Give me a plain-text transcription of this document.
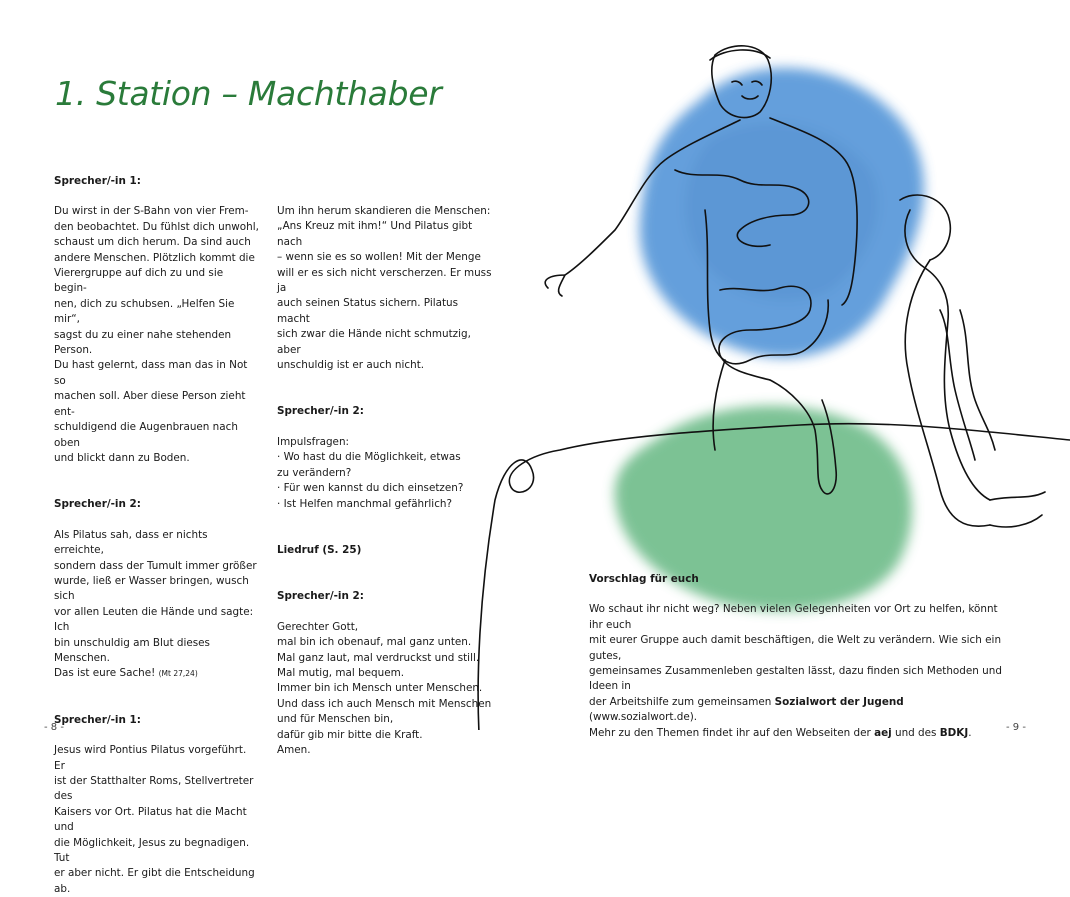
1. Station – Machthaber

Sprecher/-in 1:

Du wirst in der S-Bahn von vier Frem-
den beobachtet. Du fühlst dich unwohl,
schaust um dich herum. Da sind auch
andere Menschen. Plötzlich kommt die
Vierergruppe auf dich zu und sie begin-
nen, dich zu schubsen. „Helfen Sie mir“,
sagst du zu einer nahe stehenden Person.
Du hast gelernt, dass man das in Not so
machen soll. Aber diese Person zieht ent-
schuldigend die Augenbrauen nach oben
und blickt dann zu Boden.

Sprecher/-in 2:

Als Pilatus sah, dass er nichts erreichte,
sondern dass der Tumult immer größer
wurde, ließ er Wasser bringen, wusch sich
vor allen Leuten die Hände und sagte: Ich
bin unschuldig am Blut dieses Menschen.
Das ist eure Sache! (Mt 27,24)

Sprecher/-in 1:

Jesus wird Pontius Pilatus vorgeführt. Er
ist der Statthalter Roms, Stellvertreter des
Kaisers vor Ort. Pilatus hat die Macht und
die Möglichkeit, Jesus zu begnadigen. Tut
er aber nicht. Er gibt die Entscheidung ab.

Um ihn herum skandieren die Menschen:
„Ans Kreuz mit ihm!“ Und Pilatus gibt nach
– wenn sie es so wollen! Mit der Menge
will er es sich nicht verscherzen. Er muss ja
auch seinen Status sichern. Pilatus macht
sich zwar die Hände nicht schmutzig, aber
unschuldig ist er auch nicht.

Sprecher/-in 2:

Impulsfragen:

· Wo hast du die Möglichkeit, etwas
zu verändern?
· Für wen kannst du dich einsetzen?
· Ist Helfen manchmal gefährlich?

Liedruf (S. 25)

Sprecher/-in 2:

Gerechter Gott,
mal bin ich obenauf, mal ganz unten.
Mal ganz laut, mal verdruckst und still.
Mal mutig, mal bequem.
Immer bin ich Mensch unter Menschen.
Und dass ich auch Mensch mit Menschen
und für Menschen bin,
dafür gib mir bitte die Kraft.
Amen.

Vorschlag für euch

Wo schaut ihr nicht weg? Neben vielen Gelegenheiten vor Ort zu helfen, könnt ihr euch

mit eurer Gruppe auch damit beschäftigen, die Welt zu verändern. Wie sich ein gutes,

gemeinsames Zusammenleben gestalten lässt, dazu finden sich Methoden und Ideen in

der Arbeitshilfe zum gemeinsamen Sozialwort der Jugend (www.sozialwort.de).

Mehr zu den Themen findet ihr auf den Webseiten der aej und des BDKJ.

- 8 -	- 9 -
